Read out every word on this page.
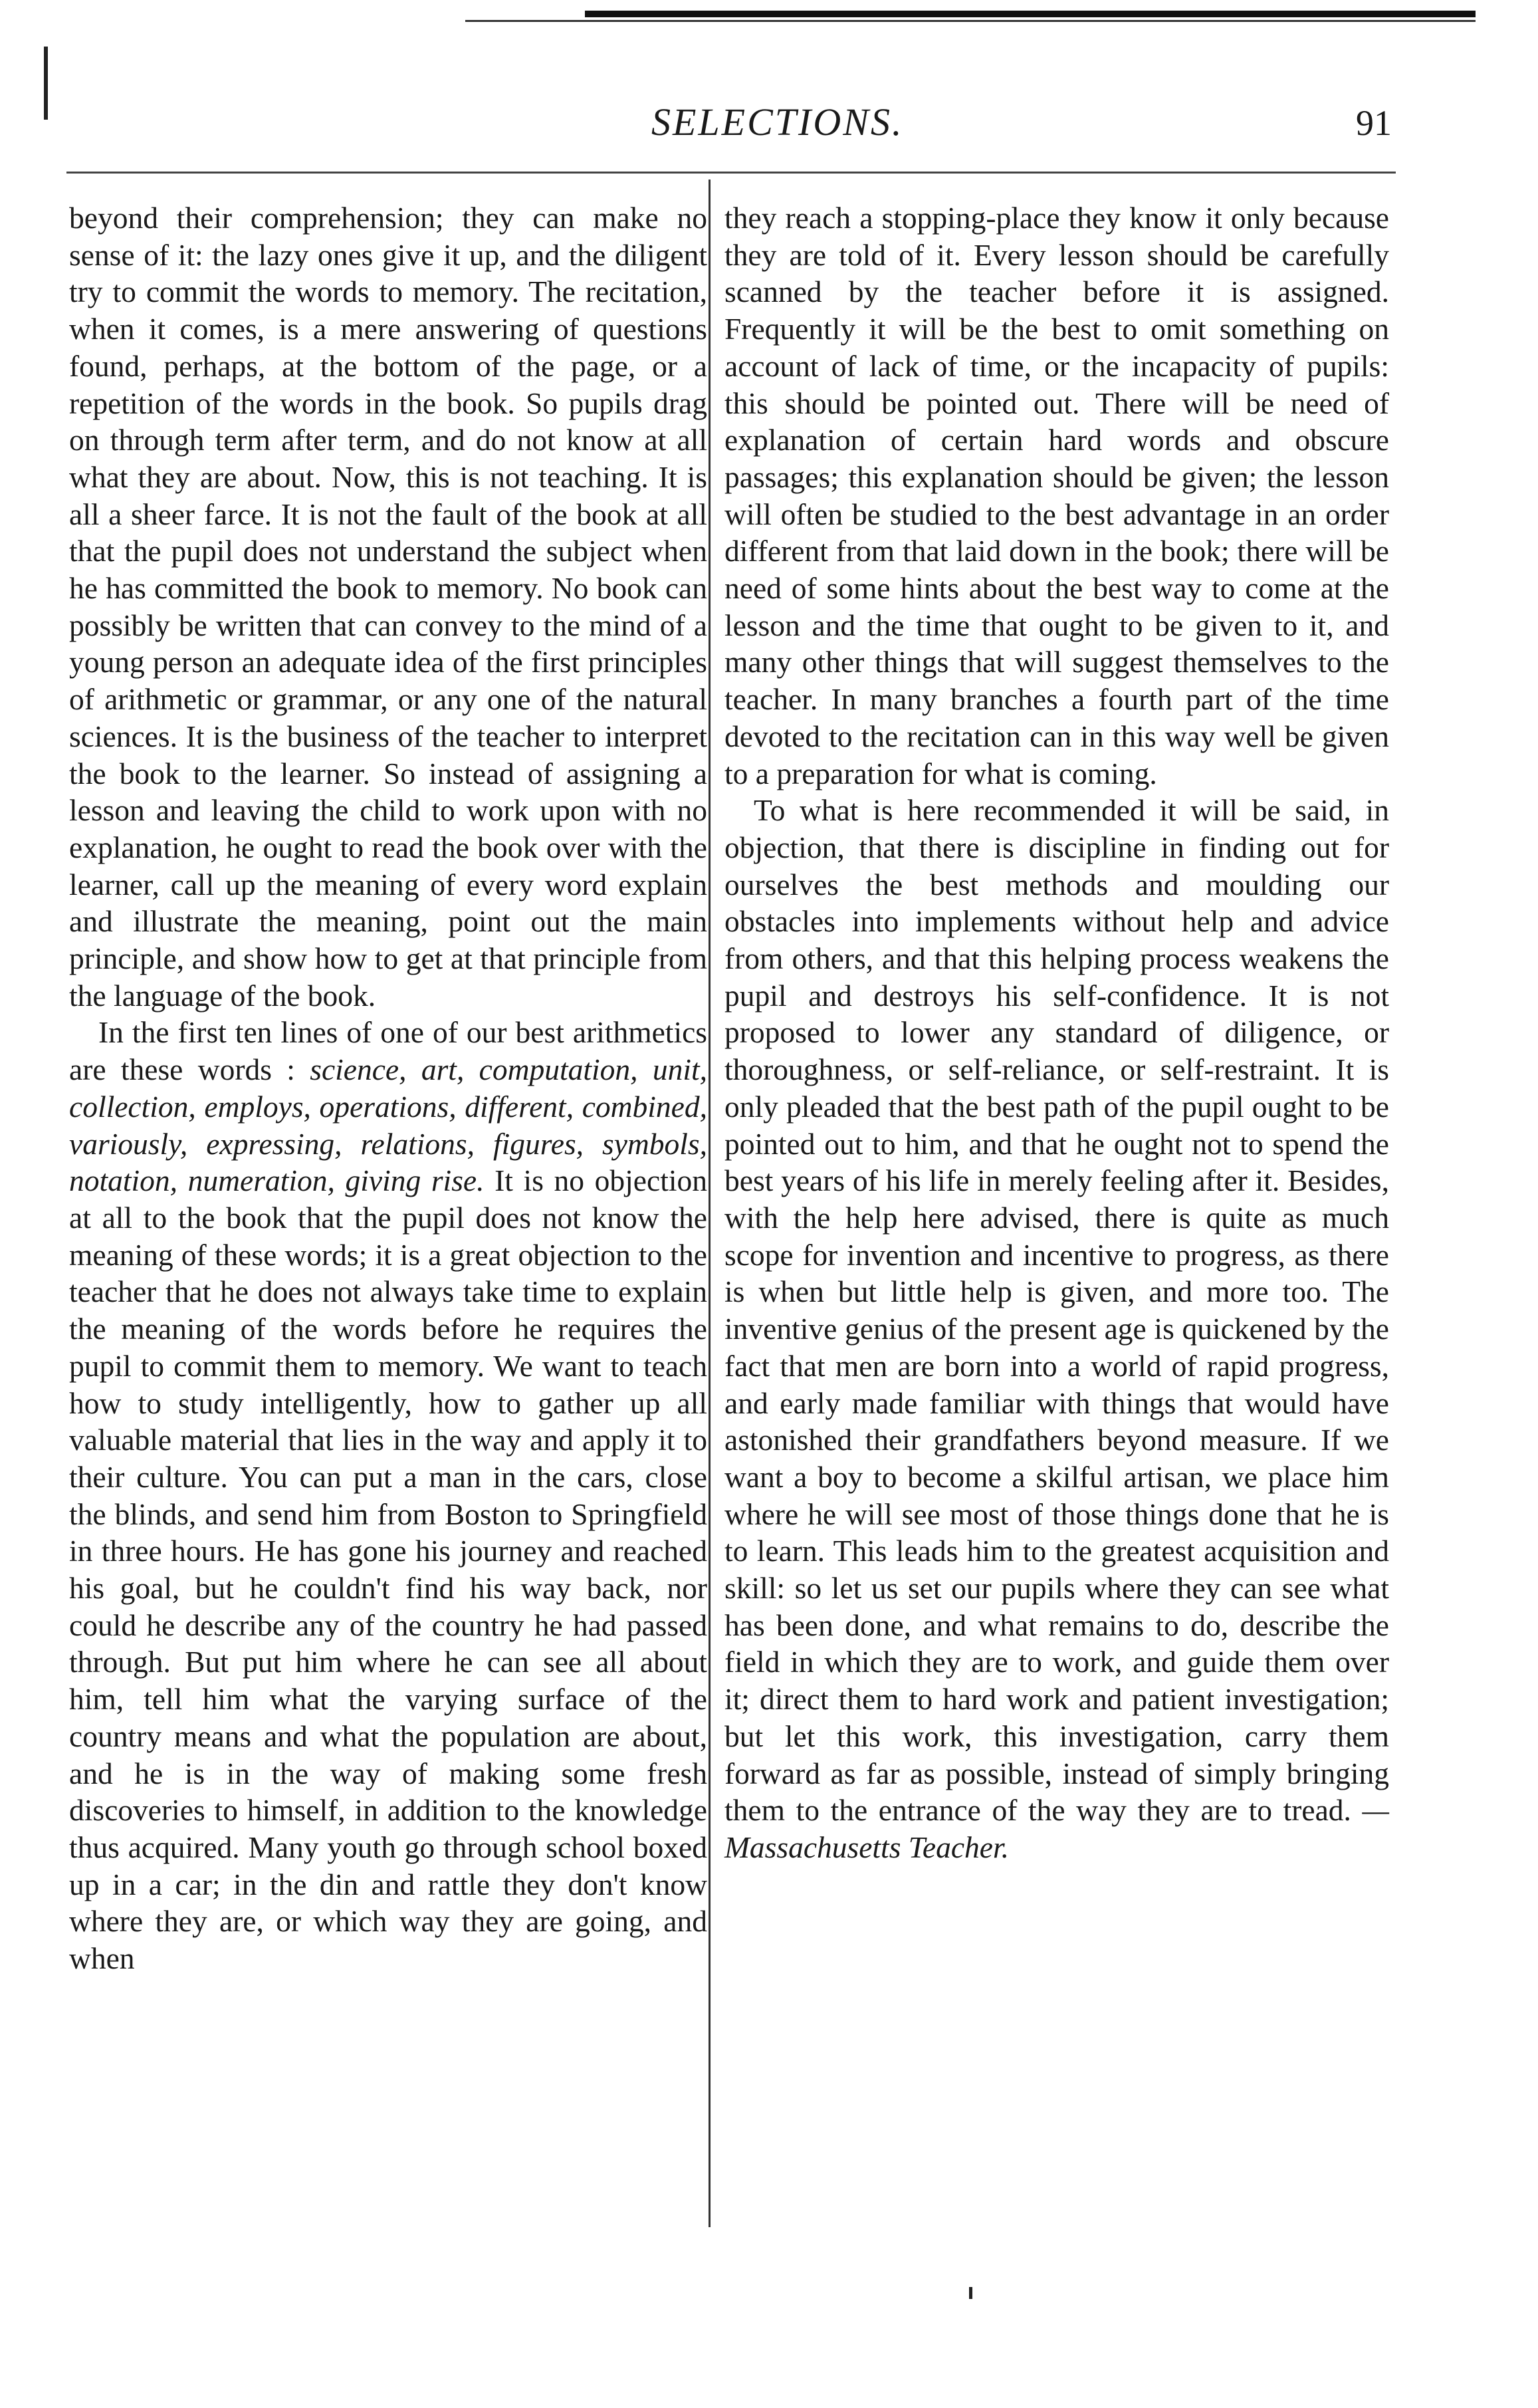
SELECTIONS.	91

beyond their comprehension; they can make no sense of it: the lazy ones give it up, and the diligent try to commit the words to memory. The recitation, when it comes, is a mere answering of questions found, perhaps, at the bottom of the page, or a repetition of the words in the book. So pupils drag on through term after term, and do not know at all what they are about. Now, this is not teaching. It is all a sheer farce. It is not the fault of the book at all that the pupil does not understand the subject when he has committed the book to memory. No book can possibly be written that can convey to the mind of a young person an adequate idea of the first principles of arithmetic or grammar, or any one of the natural sciences. It is the business of the teacher to interpret the book to the learner. So instead of assigning a lesson and leaving the child to work upon with no explanation, he ought to read the book over with the learner, call up the meaning of every word explain and illustrate the meaning, point out the main principle, and show how to get at that principle from the language of the book.

In the first ten lines of one of our best arithmetics are these words : science, art, computation, unit, collection, employs, operations, different, combined, variously, expressing, relations, figures, symbols, notation, numeration, giving rise. It is no objection at all to the book that the pupil does not know the meaning of these words; it is a great objection to the teacher that he does not always take time to explain the meaning of the words before he requires the pupil to commit them to memory. We want to teach how to study intelligently, how to gather up all valuable material that lies in the way and apply it to their culture. You can put a man in the cars, close the blinds, and send him from Boston to Springfield in three hours. He has gone his journey and reached his goal, but he couldn't find his way back, nor could he describe any of the country he had passed through. But put him where he can see all about him, tell him what the varying surface of the country means and what the population are about, and he is in the way of making some fresh discoveries to himself, in addition to the knowledge thus acquired. Many youth go through school boxed up in a car; in the din and rattle they don't know where they are, or which way they are going, and when

they reach a stopping-place they know it only because they are told of it. Every lesson should be carefully scanned by the teacher before it is assigned. Frequently it will be the best to omit something on account of lack of time, or the incapacity of pupils: this should be pointed out. There will be need of explanation of certain hard words and obscure passages; this explanation should be given; the lesson will often be studied to the best advantage in an order different from that laid down in the book; there will be need of some hints about the best way to come at the lesson and the time that ought to be given to it, and many other things that will suggest themselves to the teacher. In many branches a fourth part of the time devoted to the recitation can in this way well be given to a preparation for what is coming.

To what is here recommended it will be said, in objection, that there is discipline in finding out for ourselves the best methods and moulding our obstacles into implements without help and advice from others, and that this helping process weakens the pupil and destroys his self-confidence. It is not proposed to lower any standard of diligence, or thoroughness, or self-reliance, or self-restraint. It is only pleaded that the best path of the pupil ought to be pointed out to him, and that he ought not to spend the best years of his life in merely feeling after it. Besides, with the help here advised, there is quite as much scope for invention and incentive to progress, as there is when but little help is given, and more too. The inventive genius of the present age is quickened by the fact that men are born into a world of rapid progress, and early made familiar with things that would have astonished their grandfathers beyond measure. If we want a boy to become a skilful artisan, we place him where he will see most of those things done that he is to learn. This leads him to the greatest acquisition and skill: so let us set our pupils where they can see what has been done, and what remains to do, describe the field in which they are to work, and guide them over it; direct them to hard work and patient investigation; but let this work, this investigation, carry them forward as far as possible, instead of simply bringing them to the entrance of the way they are to tread. —Massachusetts Teacher.
